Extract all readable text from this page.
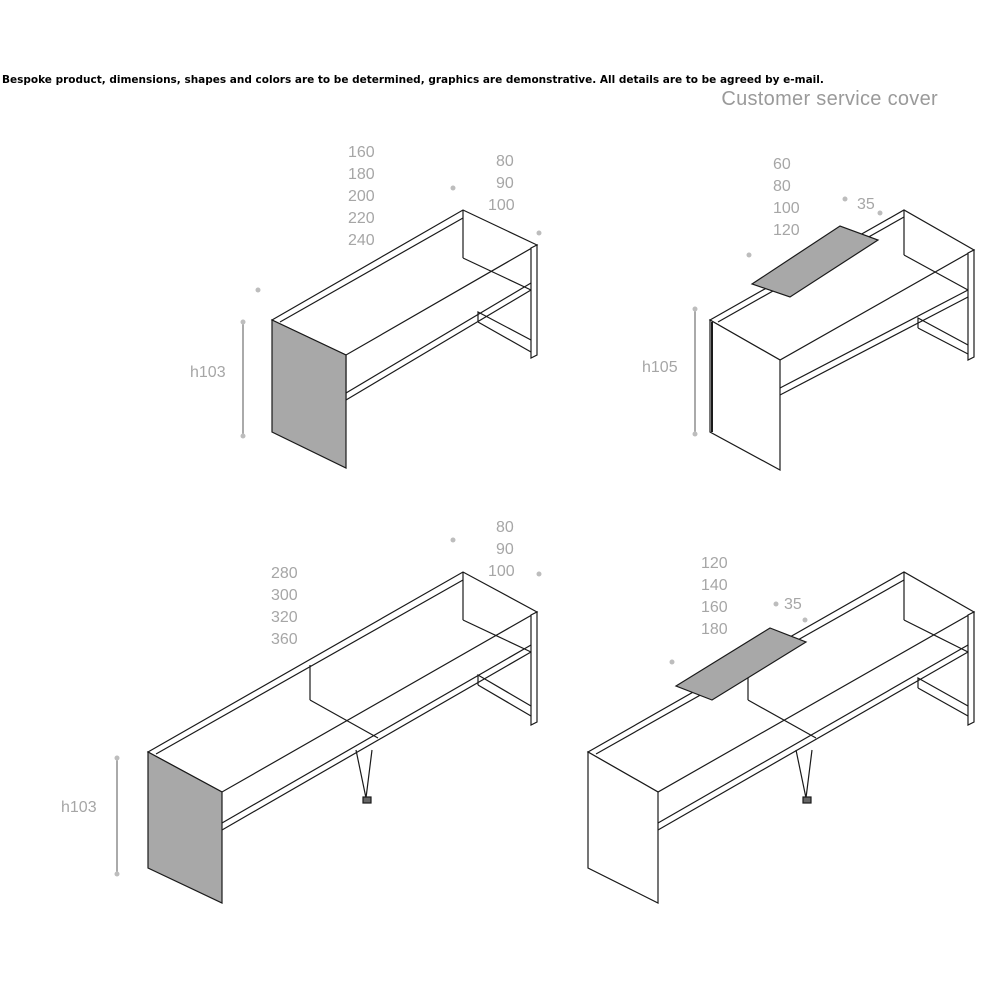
Bespoke product, dimensions, shapes and colors are to be determined, graphics are demonstrative. All details are to be agreed by e-mail.
Customer service cover
160
180
200
220
240
80
90
100
h103
60
80
100
120
35
h105
280
300
320
360
80
90
100
h103
120
140
160
180
35
